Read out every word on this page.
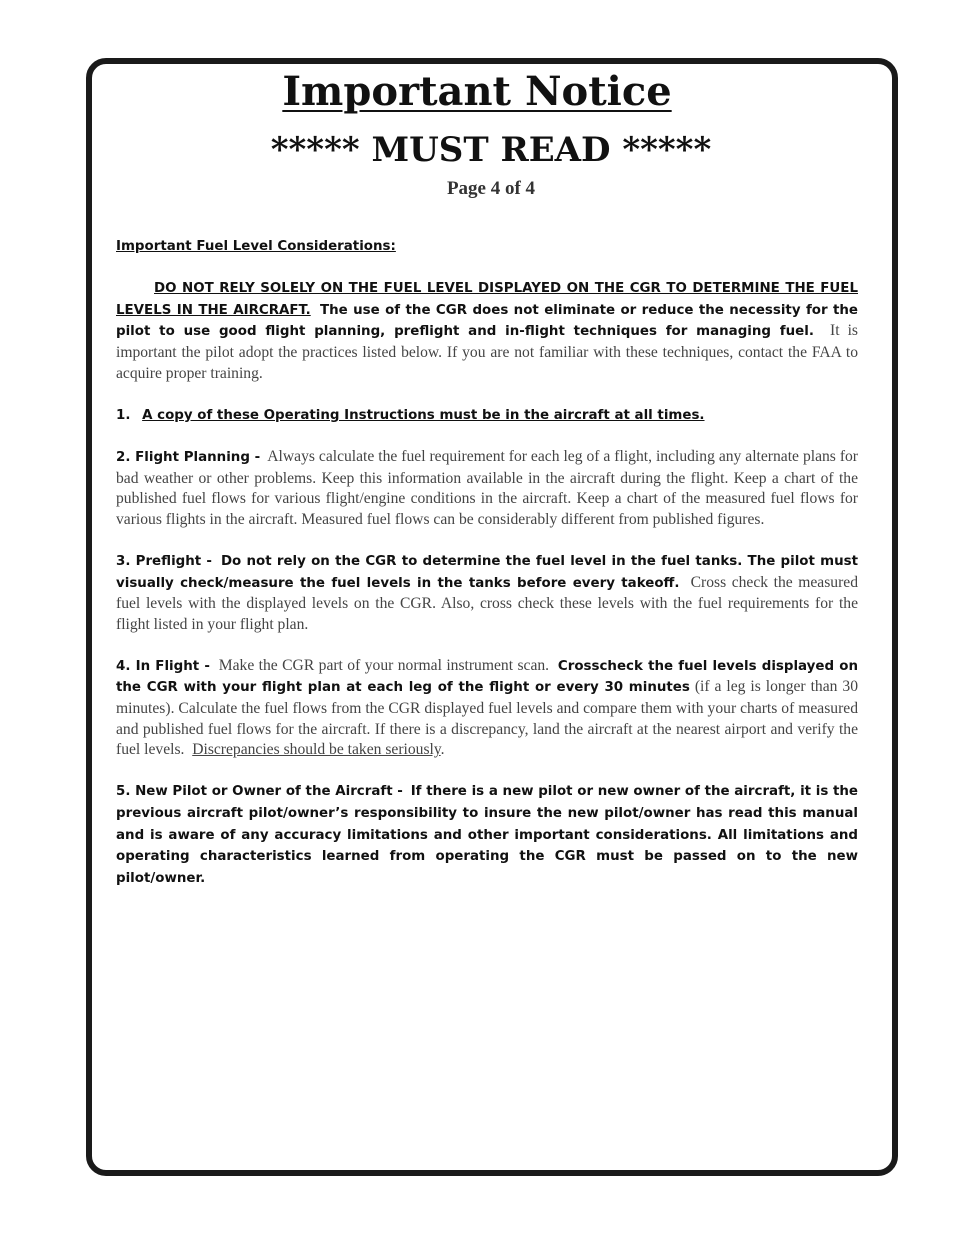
Important Notice
***** MUST READ *****
Page 4 of 4

Important Fuel Level Considerations:

DO NOT RELY SOLELY ON THE FUEL LEVEL DISPLAYED ON THE CGR TO DETERMINE THE FUEL LEVELS IN THE AIRCRAFT. The use of the CGR does not eliminate or reduce the necessity for the pilot to use good flight planning, preflight and in-flight techniques for managing fuel. It is important the pilot adopt the practices listed below. If you are not familiar with these techniques, contact the FAA to acquire proper training.

1. A copy of these Operating Instructions must be in the aircraft at all times.

2. Flight Planning - Always calculate the fuel requirement for each leg of a flight, including any alternate plans for bad weather or other problems. Keep this information available in the aircraft during the flight. Keep a chart of the published fuel flows for various flight/engine conditions in the aircraft. Keep a chart of the measured fuel flows for various flights in the aircraft. Measured fuel flows can be considerably different from published figures.

3. Preflight - Do not rely on the CGR to determine the fuel level in the fuel tanks. The pilot must visually check/measure the fuel levels in the tanks before every takeoff. Cross check the measured fuel levels with the displayed levels on the CGR. Also, cross check these levels with the fuel requirements for the flight listed in your flight plan.

4. In Flight - Make the CGR part of your normal instrument scan. Crosscheck the fuel levels displayed on the CGR with your flight plan at each leg of the flight or every 30 minutes (if a leg is longer than 30 minutes). Calculate the fuel flows from the CGR displayed fuel levels and compare them with your charts of measured and published fuel flows for the aircraft. If there is a discrepancy, land the aircraft at the nearest airport and verify the fuel levels. Discrepancies should be taken seriously.

5. New Pilot or Owner of the Aircraft - If there is a new pilot or new owner of the aircraft, it is the previous aircraft pilot/owner’s responsibility to insure the new pilot/owner has read this manual and is aware of any accuracy limitations and other important considerations. All limitations and operating characteristics learned from operating the CGR must be passed on to the new pilot/owner.
